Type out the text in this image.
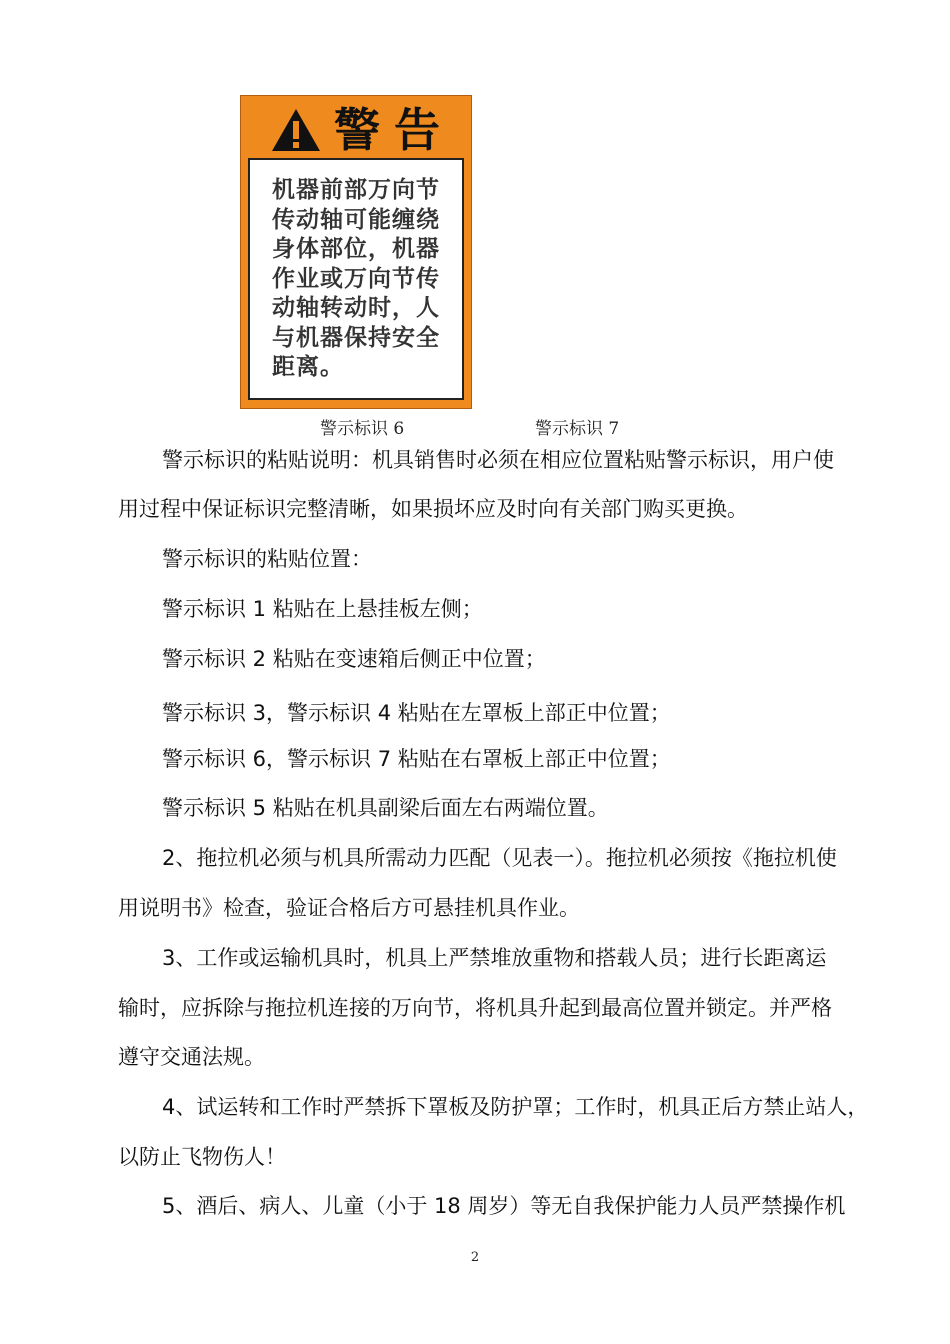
警告

机器前部万向节
传动轴可能缠绕
身体部位，机器
作业或万向节传
动轴转动时，人
与机器保持安全
距离。

警示标识 6	警示标识 7
警示标识的粘贴说明：机具销售时必须在相应位置粘贴警示标识，用户使
用过程中保证标识完整清晰，如果损坏应及时向有关部门购买更换。
警示标识的粘贴位置：
警示标识 1 粘贴在上悬挂板左侧；
警示标识 2 粘贴在变速箱后侧正中位置；
警示标识 3，警示标识 4 粘贴在左罩板上部正中位置；
警示标识 6，警示标识 7 粘贴在右罩板上部正中位置；
警示标识 5 粘贴在机具副梁后面左右两端位置。
2、拖拉机必须与机具所需动力匹配（见表一）。拖拉机必须按《拖拉机使
用说明书》检查，验证合格后方可悬挂机具作业。
3、工作或运输机具时，机具上严禁堆放重物和搭载人员；进行长距离运
输时，应拆除与拖拉机连接的万向节，将机具升起到最高位置并锁定。并严格
遵守交通法规。
4、试运转和工作时严禁拆下罩板及防护罩；工作时，机具正后方禁止站人，
以防止飞物伤人！
5、酒后、病人、儿童（小于 18 周岁）等无自我保护能力人员严禁操作机
2
